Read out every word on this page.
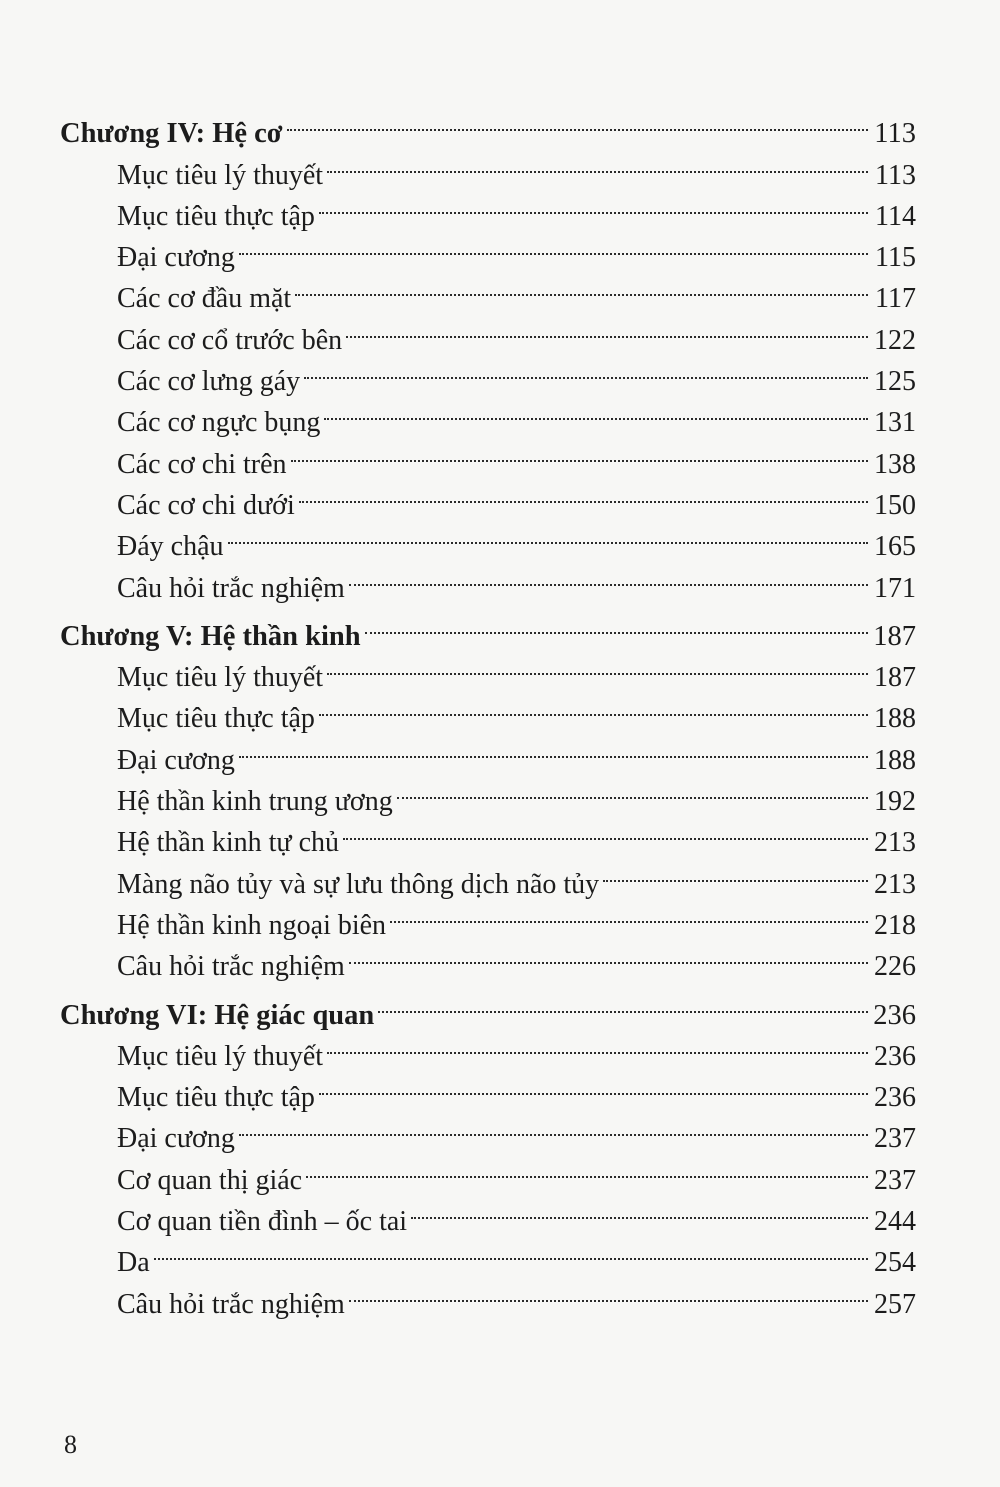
Chương IV: Hệ cơ	113
Mục tiêu lý thuyết	113
Mục tiêu thực tập	114
Đại cương	115
Các cơ đầu mặt	117
Các cơ cổ trước bên	122
Các cơ lưng gáy	125
Các cơ ngực bụng	131
Các cơ chi trên	138
Các cơ chi dưới	150
Đáy chậu	165
Câu hỏi trắc nghiệm	171
Chương V: Hệ thần kinh	187
Mục tiêu lý thuyết	187
Mục tiêu thực tập	188
Đại cương	188
Hệ thần kinh trung ương	192
Hệ thần kinh tự chủ	213
Màng não tủy và sự lưu thông dịch não tủy	213
Hệ thần kinh ngoại biên	218
Câu hỏi trắc nghiệm	226
Chương VI: Hệ giác quan	236
Mục tiêu lý thuyết	236
Mục tiêu thực tập	236
Đại cương	237
Cơ quan thị giác	237
Cơ quan tiền đình – ốc tai	244
Da	254
Câu hỏi trắc nghiệm	257
8
